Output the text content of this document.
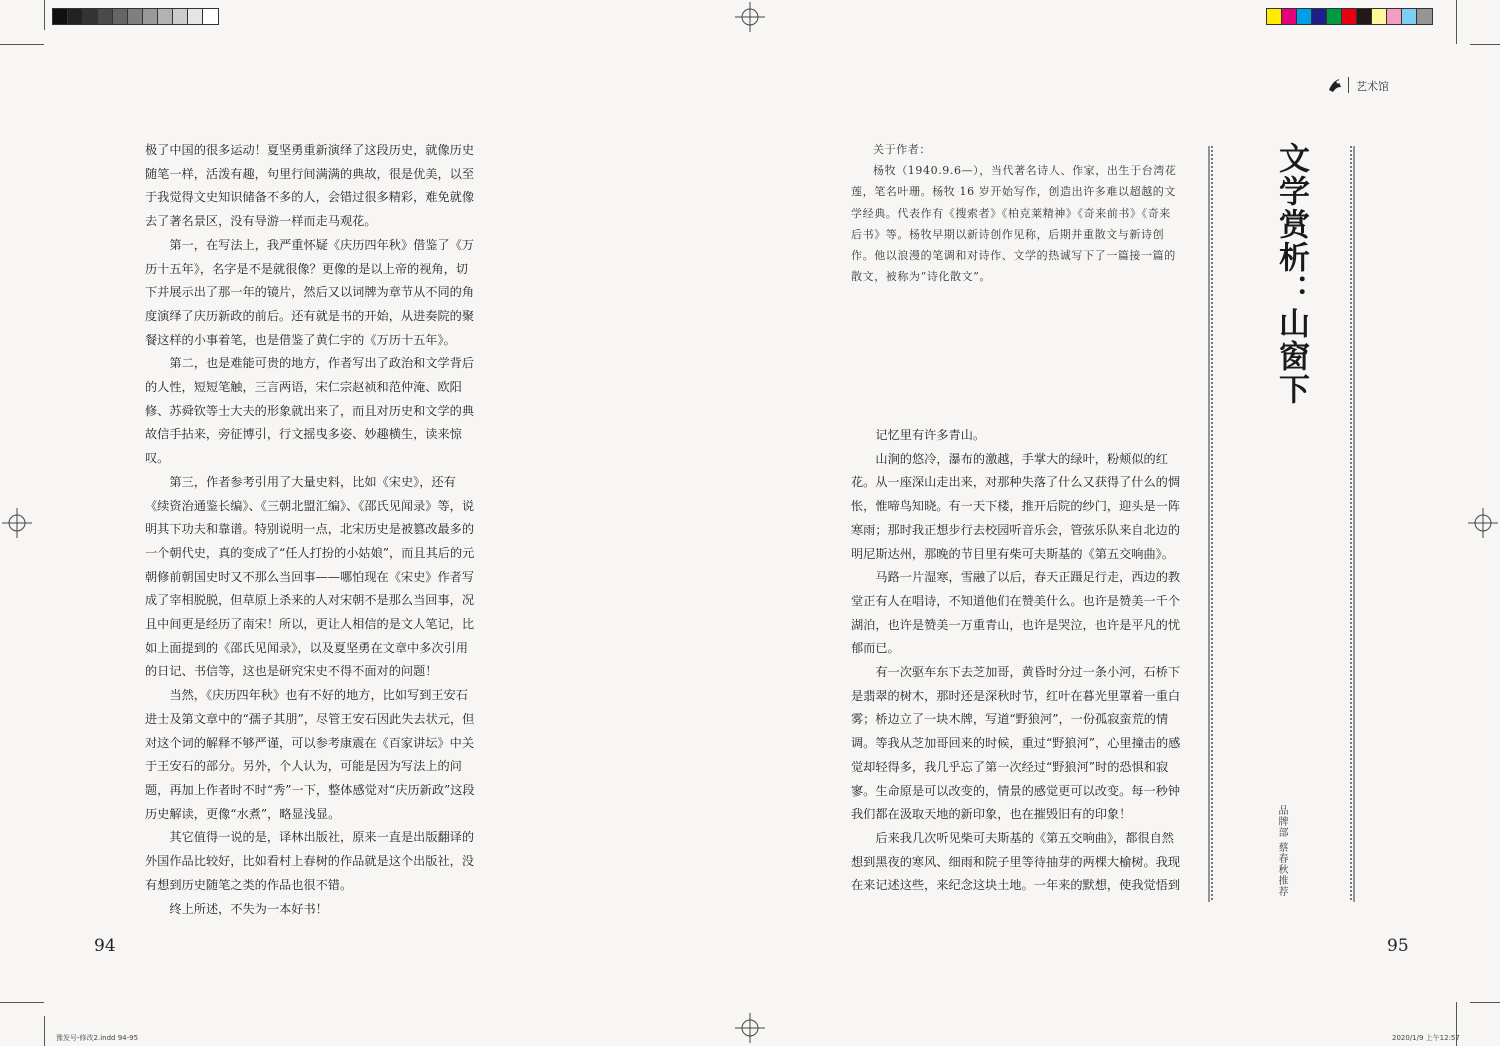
艺术馆

极了中国的很多运动！夏坚勇重新演绎了这段历史，就像历史随笔一样，活泼有趣，句里行间满满的典故，很是优美，以至于我觉得文史知识储备不多的人，会错过很多精彩，难免就像去了著名景区，没有导游一样而走马观花。

第一，在写法上，我严重怀疑《庆历四年秋》借鉴了《万历十五年》，名字是不是就很像？更像的是以上帝的视角，切下并展示出了那一年的镜片，然后又以词牌为章节从不同的角度演绎了庆历新政的前后。还有就是书的开始，从进奏院的聚餐这样的小事着笔，也是借鉴了黄仁宇的《万历十五年》。

第二，也是难能可贵的地方，作者写出了政治和文学背后的人性，短短笔触，三言两语，宋仁宗赵祯和范仲淹、欧阳修、苏舜钦等士大夫的形象就出来了，而且对历史和文学的典故信手拈来，旁征博引，行文摇曳多姿、妙趣横生，读来惊叹。

第三，作者参考引用了大量史料，比如《宋史》，还有《续资治通鉴长编》、《三朝北盟汇编》、《邵氏见闻录》等，说明其下功夫和靠谱。特别说明一点，北宋历史是被篡改最多的一个朝代史，真的变成了“任人打扮的小姑娘”，而且其后的元朝修前朝国史时又不那么当回事——哪怕现在《宋史》作者写成了宰相脱脱，但草原上杀来的人对宋朝不是那么当回事，况且中间更是经历了南宋！所以，更让人相信的是文人笔记，比如上面提到的《邵氏见闻录》，以及夏坚勇在文章中多次引用的日记、书信等，这也是研究宋史不得不面对的问题！

当然，《庆历四年秋》也有不好的地方，比如写到王安石进士及第文章中的“孺子其朋”，尽管王安石因此失去状元，但对这个词的解释不够严谨，可以参考康震在《百家讲坛》中关于王安石的部分。另外，个人认为，可能是因为写法上的问题，再加上作者时不时“秀”一下，整体感觉对“庆历新政”这段历史解读，更像“水煮”，略显浅显。

其它值得一说的是，译林出版社，原来一直是出版翻译的外国作品比较好，比如看村上春树的作品就是这个出版社，没有想到历史随笔之类的作品也很不错。

终上所述，不失为一本好书！

94

关于作者：

杨牧（1940.9.6—），当代著名诗人、作家，出生于台湾花莲，笔名叶珊。杨牧 16 岁开始写作，创造出许多难以超越的文学经典。代表作有《搜索者》《柏克莱精神》《奇来前书》《奇来后书》等。杨牧早期以新诗创作见称，后期并重散文与新诗创作。他以浪漫的笔调和对诗作、文学的热诚写下了一篇接一篇的散文，被称为“诗化散文”。

记忆里有许多青山。

山涧的悠冷，瀑布的激越，手掌大的绿叶，粉颊似的红花。从一座深山走出来，对那种失落了什么又获得了什么的惆怅，惟啼鸟知晓。有一天下楼，推开后院的纱门，迎头是一阵寒雨；那时我正想步行去校园听音乐会，管弦乐队来自北边的明尼斯达州，那晚的节目里有柴可夫斯基的《第五交响曲》。

马路一片湿寒，雪融了以后，春天正蹑足行走，西边的教堂正有人在唱诗，不知道他们在赞美什么。也许是赞美一千个湖泊，也许是赞美一万重青山，也许是哭泣，也许是平凡的忧郁而已。

有一次驱车东下去芝加哥，黄昏时分过一条小河，石桥下是翡翠的树木，那时还是深秋时节，红叶在暮光里罩着一重白雾；桥边立了一块木牌，写道“野狼河”，一份孤寂蛮荒的情调。等我从芝加哥回来的时候，重过“野狼河”，心里撞击的感觉却轻得多，我几乎忘了第一次经过“野狼河”时的恐惧和寂寥。生命原是可以改变的，情景的感觉更可以改变。每一秒钟我们都在汲取天地的新印象，也在摧毁旧有的印象！

后来我几次听见柴可夫斯基的《第五交响曲》，都很自然想到黑夜的寒风、细雨和院子里等待抽芽的两棵大榆树。我现在来记述这些，来纪念这块土地。一年来的默想，使我觉悟到

95
文学赏析：山窗下
品牌部 蔡春秋推荐
豫发号-修改2.indd 94-95	2020/1/9 上午12:57
